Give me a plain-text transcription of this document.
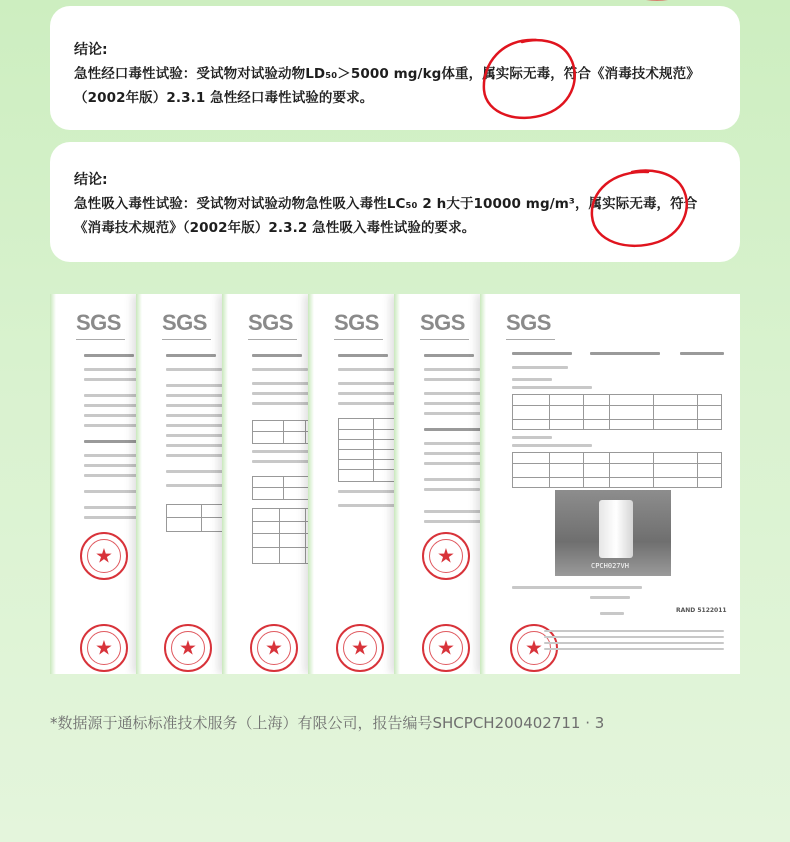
结论:
急性经口毒性试验：受试物对试验动物LD₅₀＞5000 mg/kg体重，属实际无毒，符合《消毒技术规范》（2002年版）2.3.1 急性经口毒性试验的要求。
结论:
急性吸入毒性试验：受试物对试验动物急性吸入毒性LC₅₀ 2 h大于10000 mg/m³，属实际无毒，符合《消毒技术规范》（2002年版）2.3.2 急性吸入毒性试验的要求。
SGS
★
★ SGS
★ SGS
★ SGS
★ SGS
★
★ SGS
CPCH027VH
RAND 5122011
★
*数据源于通标标准技术服务（上海）有限公司，报告编号SHCPCH200402711 · 3
